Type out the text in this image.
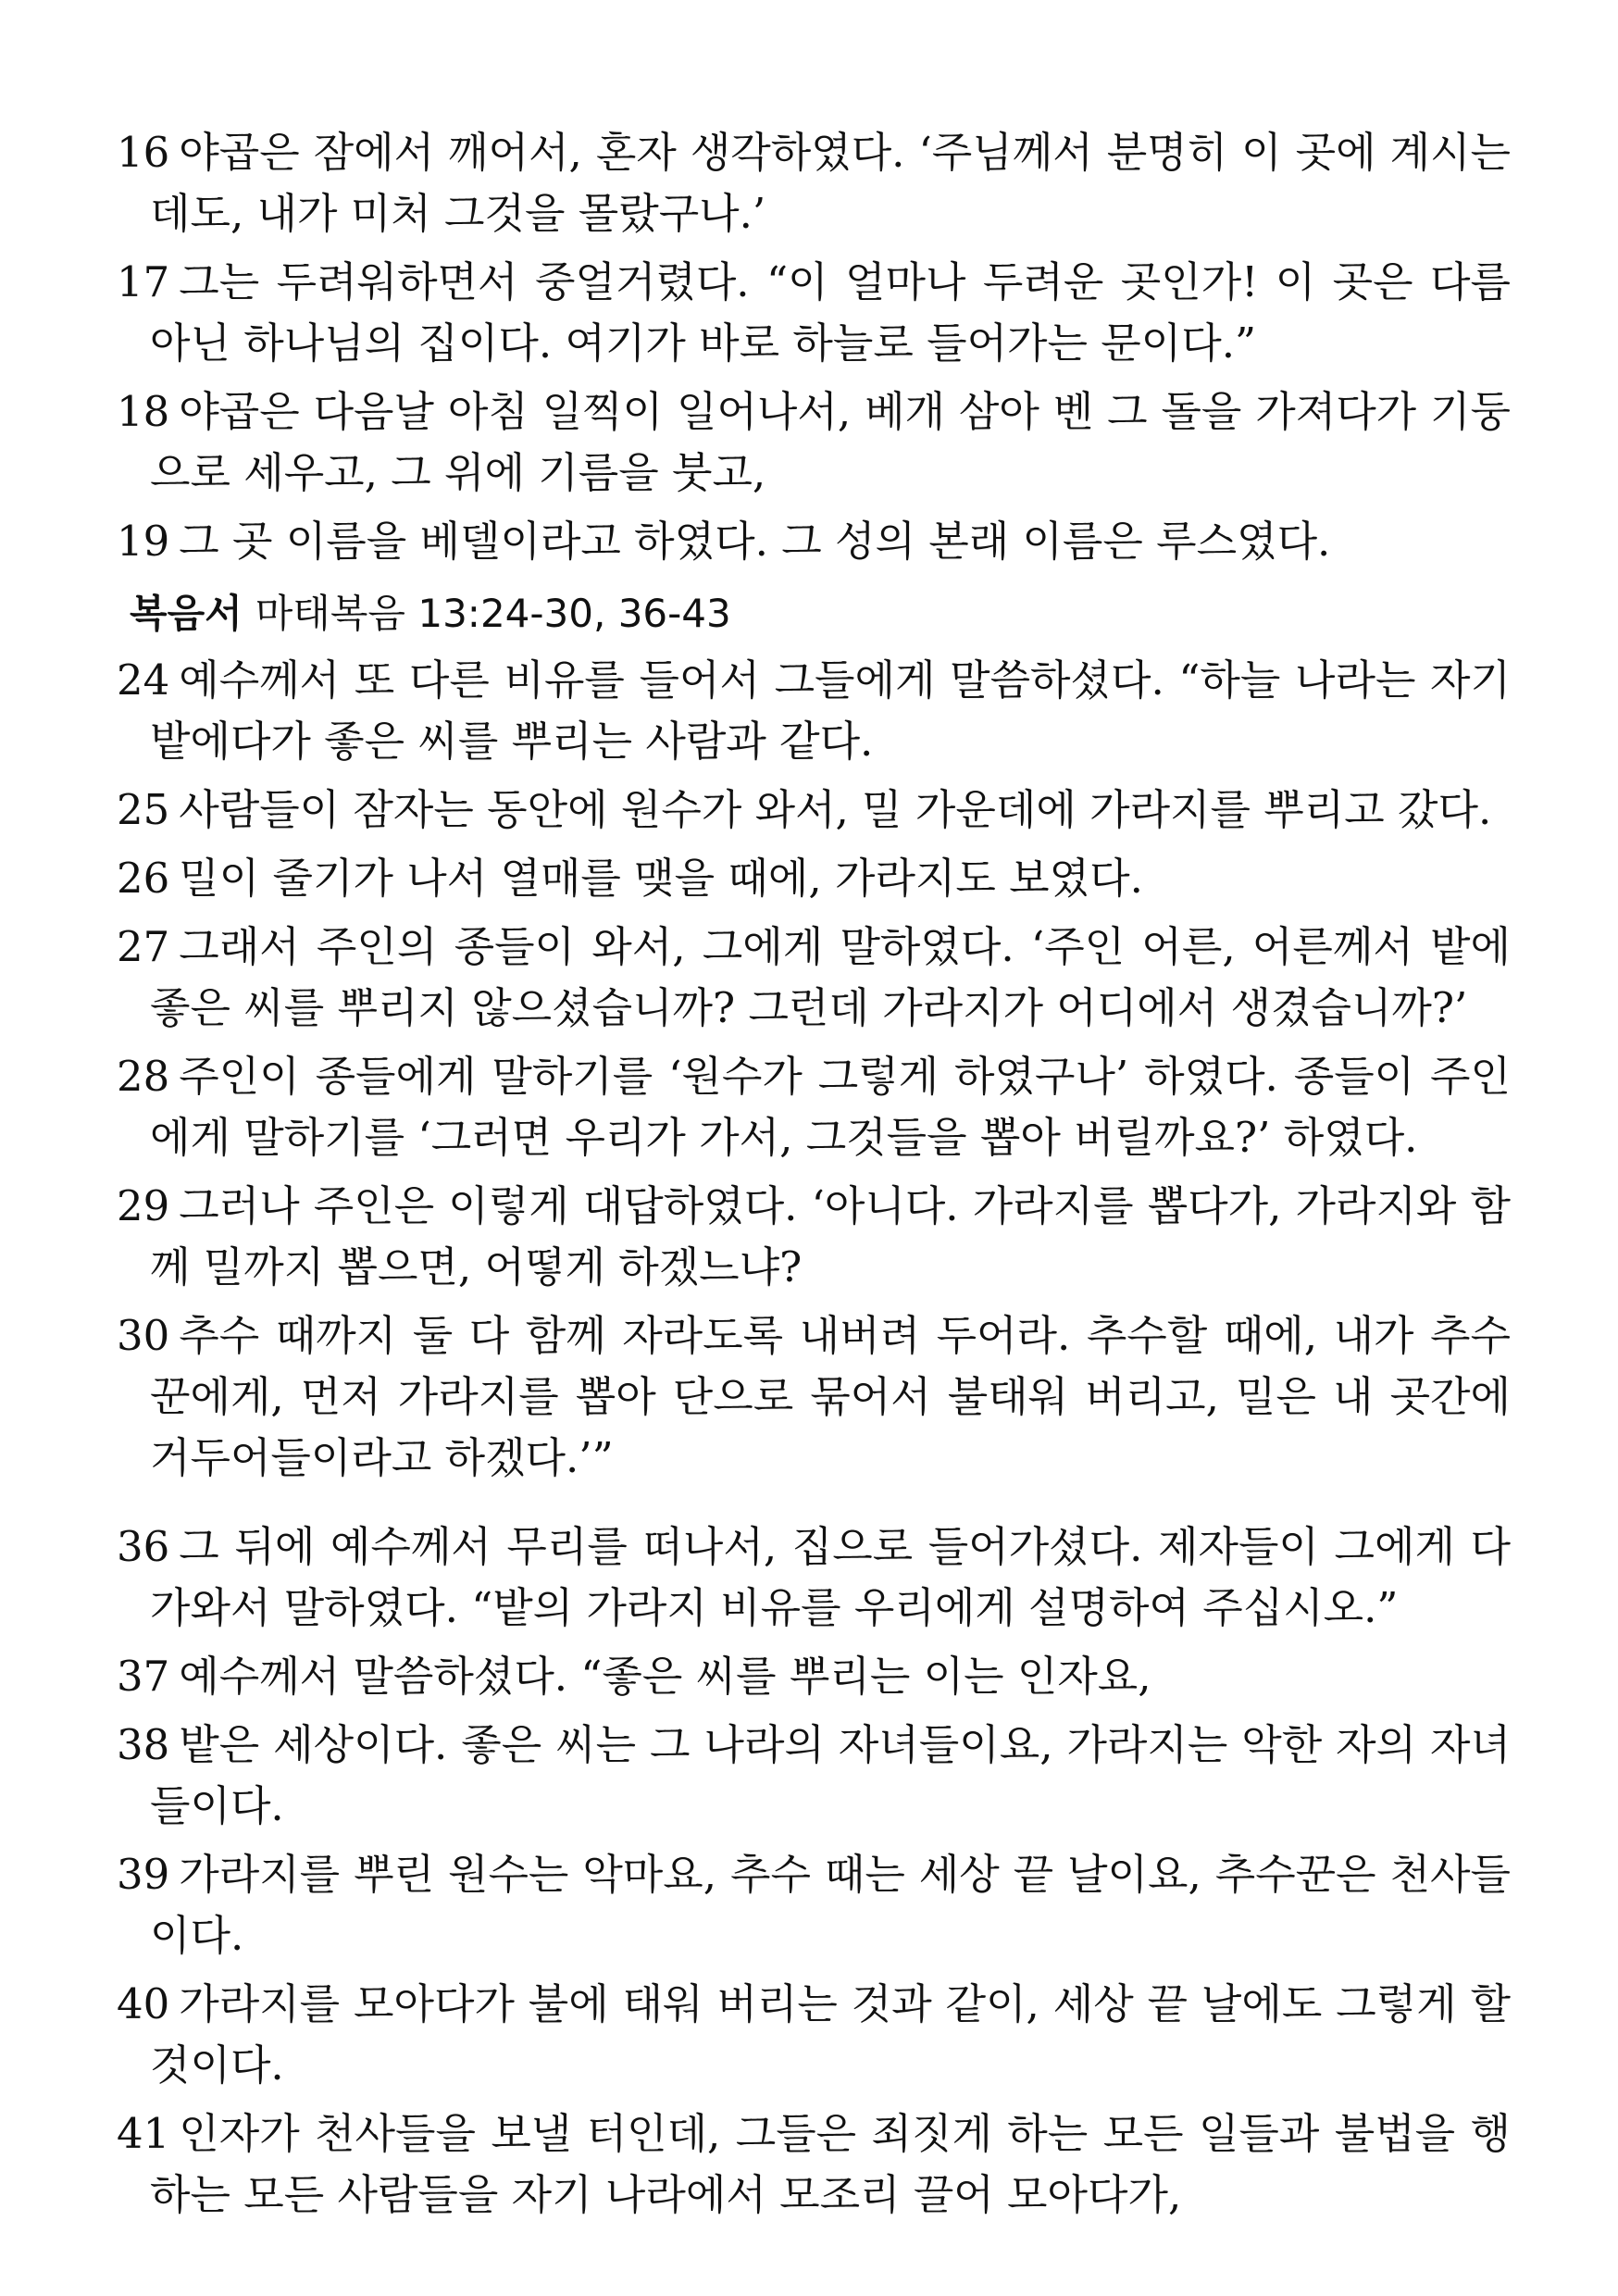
16 야곱은 잠에서 깨어서, 혼자 생각하였다. ‘주님께서 분명히 이 곳에 계시는데도, 내가 미처 그것을 몰랐구나.’

17 그는 두려워하면서 중얼거렸다. “이 얼마나 두려운 곳인가! 이 곳은 다름아닌 하나님의 집이다. 여기가 바로 하늘로 들어가는 문이다.”

18 야곱은 다음날 아침 일찍이 일어나서, 베개 삼아 벤 그 돌을 가져다가 기둥으로 세우고, 그 위에 기름을 붓고,

19 그 곳 이름을 베델이라고 하였다. 그 성의 본래 이름은 루스였다.

복음서 마태복음 13:24-30, 36-43

24 예수께서 또 다른 비유를 들어서 그들에게 말씀하셨다. “하늘 나라는 자기 밭에다가 좋은 씨를 뿌리는 사람과 같다.

25 사람들이 잠자는 동안에 원수가 와서, 밀 가운데에 가라지를 뿌리고 갔다.

26 밀이 줄기가 나서 열매를 맺을 때에, 가라지도 보였다.

27 그래서 주인의 종들이 와서, 그에게 말하였다. ‘주인 어른, 어른께서 밭에 좋은 씨를 뿌리지 않으셨습니까? 그런데 가라지가 어디에서 생겼습니까?’

28 주인이 종들에게 말하기를 ‘원수가 그렇게 하였구나’ 하였다. 종들이 주인에게 말하기를 ‘그러면 우리가 가서, 그것들을 뽑아 버릴까요?’ 하였다.

29 그러나 주인은 이렇게 대답하였다. ‘아니다. 가라지를 뽑다가, 가라지와 함께 밀까지 뽑으면, 어떻게 하겠느냐?

30 추수 때까지 둘 다 함께 자라도록 내버려 두어라. 추수할 때에, 내가 추수꾼에게, 먼저 가라지를 뽑아 단으로 묶어서 불태워 버리고, 밀은 내 곳간에 거두어들이라고 하겠다.’”

36 그 뒤에 예수께서 무리를 떠나서, 집으로 들어가셨다. 제자들이 그에게 다가와서 말하였다. “밭의 가라지 비유를 우리에게 설명하여 주십시오.”

37 예수께서 말씀하셨다. “좋은 씨를 뿌리는 이는 인자요,

38 밭은 세상이다. 좋은 씨는 그 나라의 자녀들이요, 가라지는 악한 자의 자녀들이다.

39 가라지를 뿌린 원수는 악마요, 추수 때는 세상 끝 날이요, 추수꾼은 천사들이다.

40 가라지를 모아다가 불에 태워 버리는 것과 같이, 세상 끝 날에도 그렇게 할 것이다.

41 인자가 천사들을 보낼 터인데, 그들은 죄짓게 하는 모든 일들과 불법을 행하는 모든 사람들을 자기 나라에서 모조리 끌어 모아다가,
